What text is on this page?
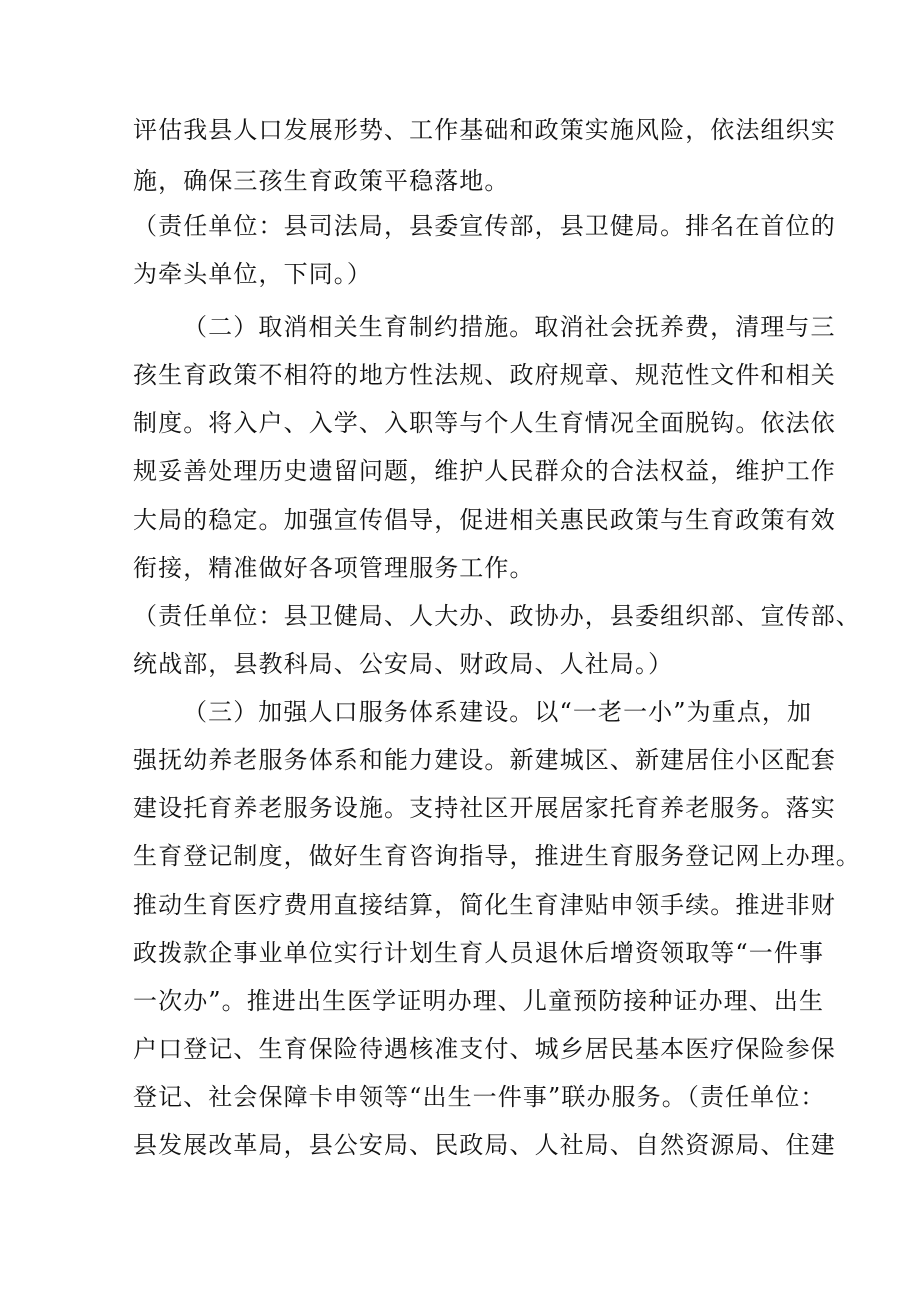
评估我县人口发展形势、工作基础和政策实施风险，依法组织实

施，确保三孩生育政策平稳落地。

（责任单位：县司法局，县委宣传部，县卫健局。排名在首位的

为牵头单位，下同。）

（二）取消相关生育制约措施。取消社会抚养费，清理与三

孩生育政策不相符的地方性法规、政府规章、规范性文件和相关

制度。将入户、入学、入职等与个人生育情况全面脱钩。依法依

规妥善处理历史遗留问题，维护人民群众的合法权益，维护工作

大局的稳定。加强宣传倡导，促进相关惠民政策与生育政策有效

衔接，精准做好各项管理服务工作。

（责任单位：县卫健局、人大办、政协办，县委组织部、宣传部、

统战部，县教科局、公安局、财政局、人社局。）

（三）加强人口服务体系建设。以“一老一小”为重点，加

强抚幼养老服务体系和能力建设。新建城区、新建居住小区配套

建设托育养老服务设施。支持社区开展居家托育养老服务。落实

生育登记制度，做好生育咨询指导，推进生育服务登记网上办理。

推动生育医疗费用直接结算，简化生育津贴申领手续。推进非财

政拨款企事业单位实行计划生育人员退休后增资领取等“一件事

一次办”。推进出生医学证明办理、儿童预防接种证办理、出生

户口登记、生育保险待遇核准支付、城乡居民基本医疗保险参保

登记、社会保障卡申领等“出生一件事”联办服务。（责任单位：

县发展改革局，县公安局、民政局、人社局、自然资源局、住建
